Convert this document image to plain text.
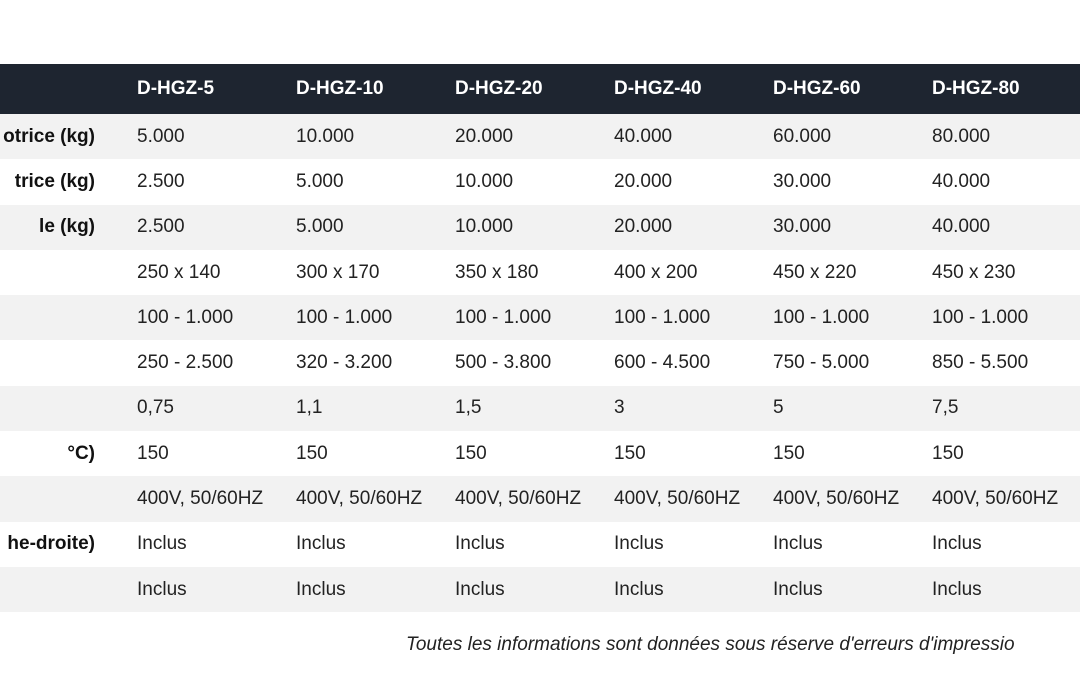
D-HGZ-5	D-HGZ-10	D-HGZ-20	D-HGZ-40	D-HGZ-60	D-HGZ-80
otrice (kg) 5.000	10.000	20.000	40.000	60.000	80.000
trice (kg) 2.500	5.000	10.000	20.000	30.000	40.000
le (kg) 2.500	5.000	10.000	20.000	30.000	40.000
250 x 140	300 x 170	350 x 180	400 x 200	450 x 220	450 x 230
100 - 1.000	100 - 1.000	100 - 1.000	100 - 1.000	100 - 1.000	100 - 1.000
250 - 2.500	320 - 3.200	500 - 3.800	600 - 4.500	750 - 5.000	850 - 5.500
0,75	1,1	1,5	3	5	7,5
°C) 150	150	150	150	150	150
400V, 50/60HZ 400V, 50/60HZ 400V, 50/60HZ 400V, 50/60HZ 400V, 50/60HZ 400V, 50/60HZ
he-droite) Inclus	Inclus	Inclus	Inclus	Inclus	Inclus
Inclus	Inclus	Inclus	Inclus	Inclus	Inclus
Toutes les informations sont données sous réserve d'erreurs d'impressio
